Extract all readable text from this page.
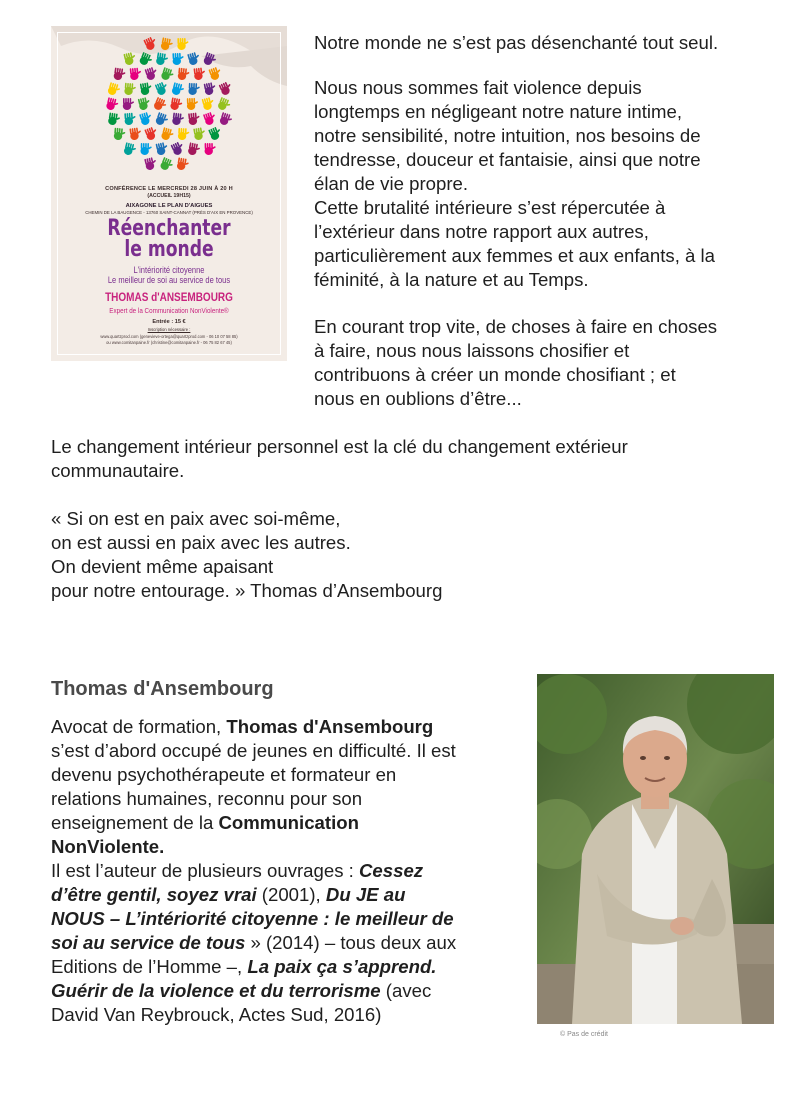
CONFÉRENCE LE MERCREDI 28 JUIN À 20 H
(ACCUEIL 19H15)
AIXAGONE LE PLAN D'AIGUES
CHEMIN DE LA BAUGENCE - 13760 SAINT-CANNAT (PRÈS D'AIX EN PROVENCE)
Réenchanter
le monde
L'intériorité citoyenne
Le meilleur de soi au service de tous
THOMAS d'ANSEMBOURG
Expert de la Communication NonViolente®
Entrée : 15 €
Inscription nécessaire :
www.quartzprod.com (genevieve-ortega@quartzprod.com - 06 10 07 58 85)
ou www.comitanpaine.fr (christine@comitanpaine.fr - 06 75 82 67 45)

Notre monde ne s’est pas désenchanté tout seul.

Nous nous sommes fait violence depuis
longtemps en négligeant notre nature intime,
notre sensibilité, notre intuition, nos besoins de
tendresse, douceur et fantaisie, ainsi que notre
élan de vie propre.
Cette brutalité intérieure s’est répercutée à
l’extérieur dans notre rapport aux autres,
particulièrement aux femmes et aux enfants, à la
féminité, à la nature et au Temps.
En courant trop vite, de choses à faire en choses
à faire, nous nous laissons chosifier et
contribuons à créer un monde chosifiant ; et
nous en oublions d’être...
Le changement intérieur personnel est la clé du changement extérieur
communautaire.
« Si on est en paix avec soi-même,
on est aussi en paix avec les autres.
On devient même apaisant
pour notre entourage. » Thomas d’Ansembourg
Thomas d'Ansembourg
Avocat de formation, Thomas d'Ansembourg
s’est d’abord occupé de jeunes en difficulté. Il est
devenu psychothérapeute et formateur en
relations humaines, reconnu pour son
enseignement de la Communication
NonViolente.
Il est l’auteur de plusieurs ouvrages : Cessez
d’être gentil, soyez vrai (2001), Du JE au
NOUS – L’intériorité citoyenne : le meilleur de
soi au service de tous » (2014) – tous deux aux
Editions de l’Homme –, La paix ça s’apprend.
Guérir de la violence et du terrorisme (avec
David Van Reybrouck, Actes Sud, 2016)
© Pas de crédit
